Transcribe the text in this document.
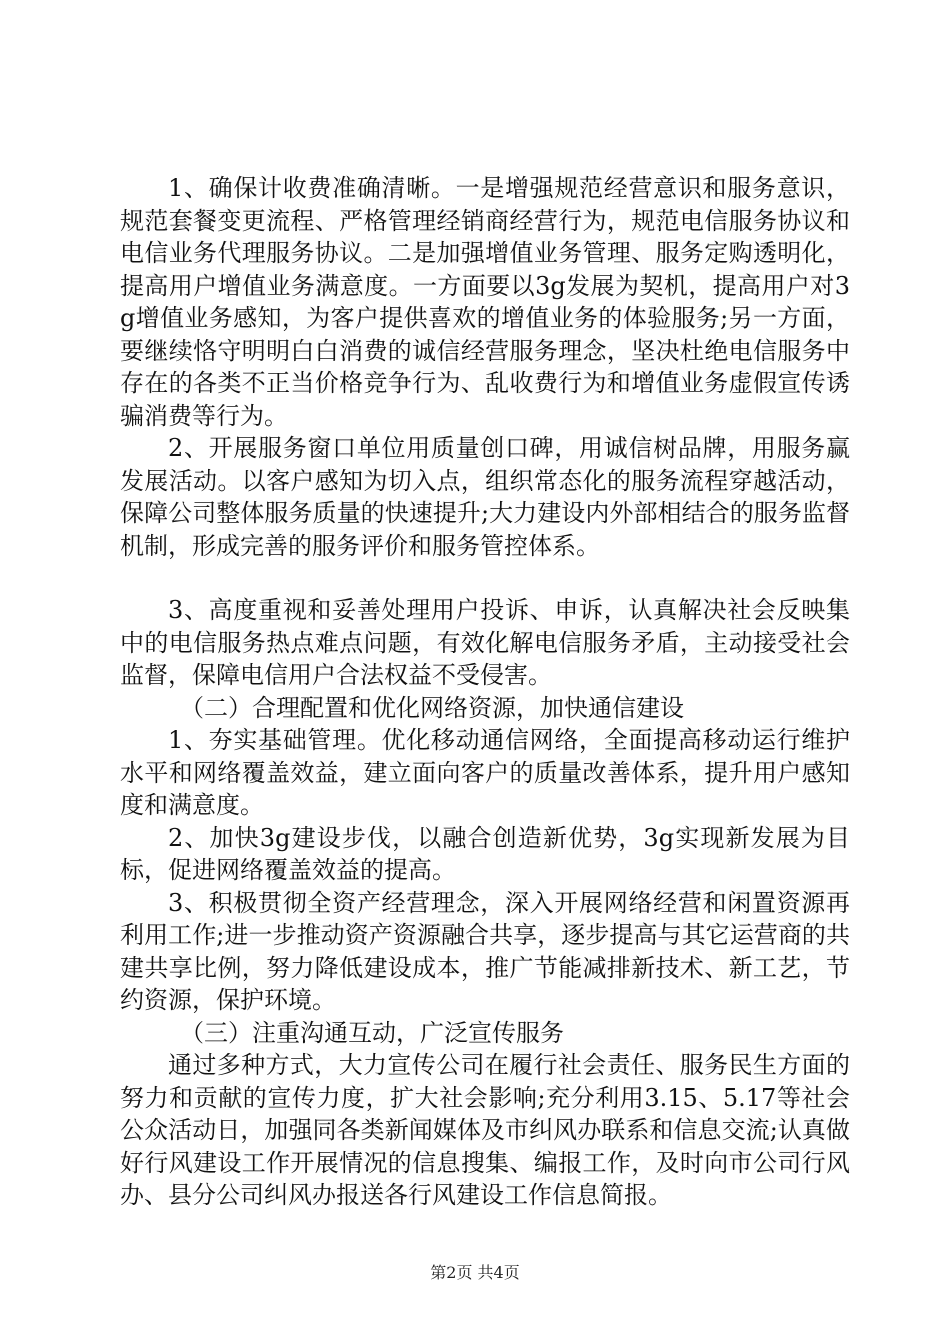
1、确保计收费准确清晰。一是增强规范经营意识和服务意识，规范套餐变更流程、严格管理经销商经营行为，规范电信服务协议和电信业务代理服务协议。二是加强增值业务管理、服务定购透明化，提高用户增值业务满意度。一方面要以3g发展为契机，提高用户对3g增值业务感知，为客户提供喜欢的增值业务的体验服务;另一方面，要继续恪守明明白白消费的诚信经营服务理念，坚决杜绝电信服务中存在的各类不正当价格竞争行为、乱收费行为和增值业务虚假宣传诱骗消费等行为。

2、开展服务窗口单位用质量创口碑，用诚信树品牌，用服务赢发展活动。以客户感知为切入点，组织常态化的服务流程穿越活动，保障公司整体服务质量的快速提升;大力建设内外部相结合的服务监督机制，形成完善的服务评价和服务管控体系。

3、高度重视和妥善处理用户投诉、申诉，认真解决社会反映集中的电信服务热点难点问题，有效化解电信服务矛盾，主动接受社会监督，保障电信用户合法权益不受侵害。

（二）合理配置和优化网络资源，加快通信建设

1、夯实基础管理。优化移动通信网络，全面提高移动运行维护水平和网络覆盖效益，建立面向客户的质量改善体系，提升用户感知度和满意度。

2、加快3g建设步伐，以融合创造新优势，3g实现新发展为目标，促进网络覆盖效益的提高。

3、积极贯彻全资产经营理念，深入开展网络经营和闲置资源再利用工作;进一步推动资产资源融合共享，逐步提高与其它运营商的共建共享比例，努力降低建设成本，推广节能减排新技术、新工艺，节约资源，保护环境。

（三）注重沟通互动，广泛宣传服务

通过多种方式，大力宣传公司在履行社会责任、服务民生方面的努力和贡献的宣传力度，扩大社会影响;充分利用3.15、5.17等社会公众活动日，加强同各类新闻媒体及市纠风办联系和信息交流;认真做好行风建设工作开展情况的信息搜集、编报工作，及时向市公司行风办、县分公司纠风办报送各行风建设工作信息简报。

第2页 共4页
